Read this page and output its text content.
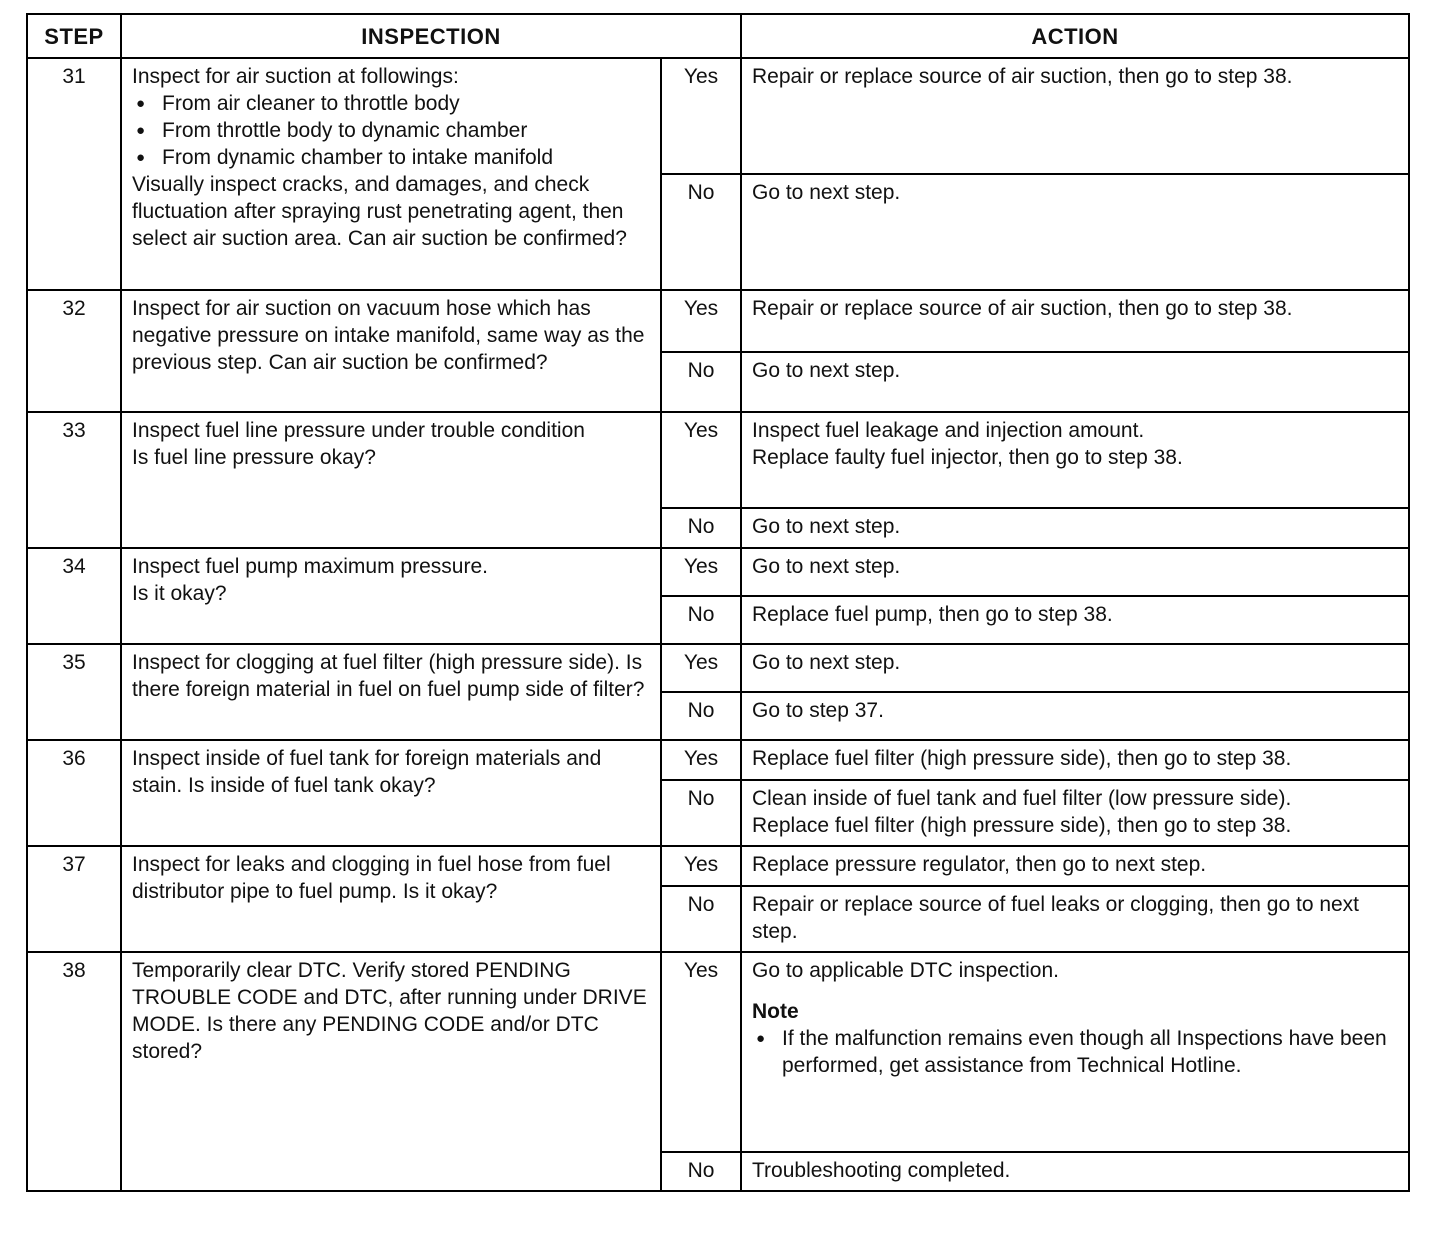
STEP	INSPECTION		ACTION
31	Inspect for air suction at followings:
● From air cleaner to throttle body
● From throttle body to dynamic chamber
● From dynamic chamber to intake manifold
Visually inspect cracks, and damages, and check fluctuation after spraying rust penetrating agent, then select air suction area. Can air suction be confirmed?	Yes	Repair or replace source of air suction, then go to step 38.
		No	Go to next step.
32	Inspect for air suction on vacuum hose which has negative pressure on intake manifold, same way as the previous step. Can air suction be confirmed?	Yes	Repair or replace source of air suction, then go to step 38.
		No	Go to next step.
33	Inspect fuel line pressure under trouble condition
Is fuel line pressure okay?	Yes	Inspect fuel leakage and injection amount.
Replace faulty fuel injector, then go to step 38.

		No	Go to next step.
34	Inspect fuel pump maximum pressure.
Is it okay?	Yes	Go to next step.
		No	Replace fuel pump, then go to step 38.
35	Inspect for clogging at fuel filter (high pressure side). Is there foreign material in fuel on fuel pump side of filter?	Yes	Go to next step.
		No	Go to step 37.
36	Inspect inside of fuel tank for foreign materials and stain. Is inside of fuel tank okay?	Yes	Replace fuel filter (high pressure side), then go to step 38.
		No	Clean inside of fuel tank and fuel filter (low pressure side).
Replace fuel filter (high pressure side), then go to step 38.

37	Inspect for leaks and clogging in fuel hose from fuel distributor pipe to fuel pump. Is it okay?	Yes	Replace pressure regulator, then go to next step.
		No	Repair or replace source of fuel leaks or clogging, then go to next step.
38	Temporarily clear DTC. Verify stored PENDING TROUBLE CODE and DTC, after running under DRIVE MODE. Is there any PENDING CODE and/or DTC stored?	Yes	Go to applicable DTC inspection.
Note
● If the malfunction remains even though all Inspections have been performed, get assistance from Technical Hotline.

		No	Troubleshooting completed.
